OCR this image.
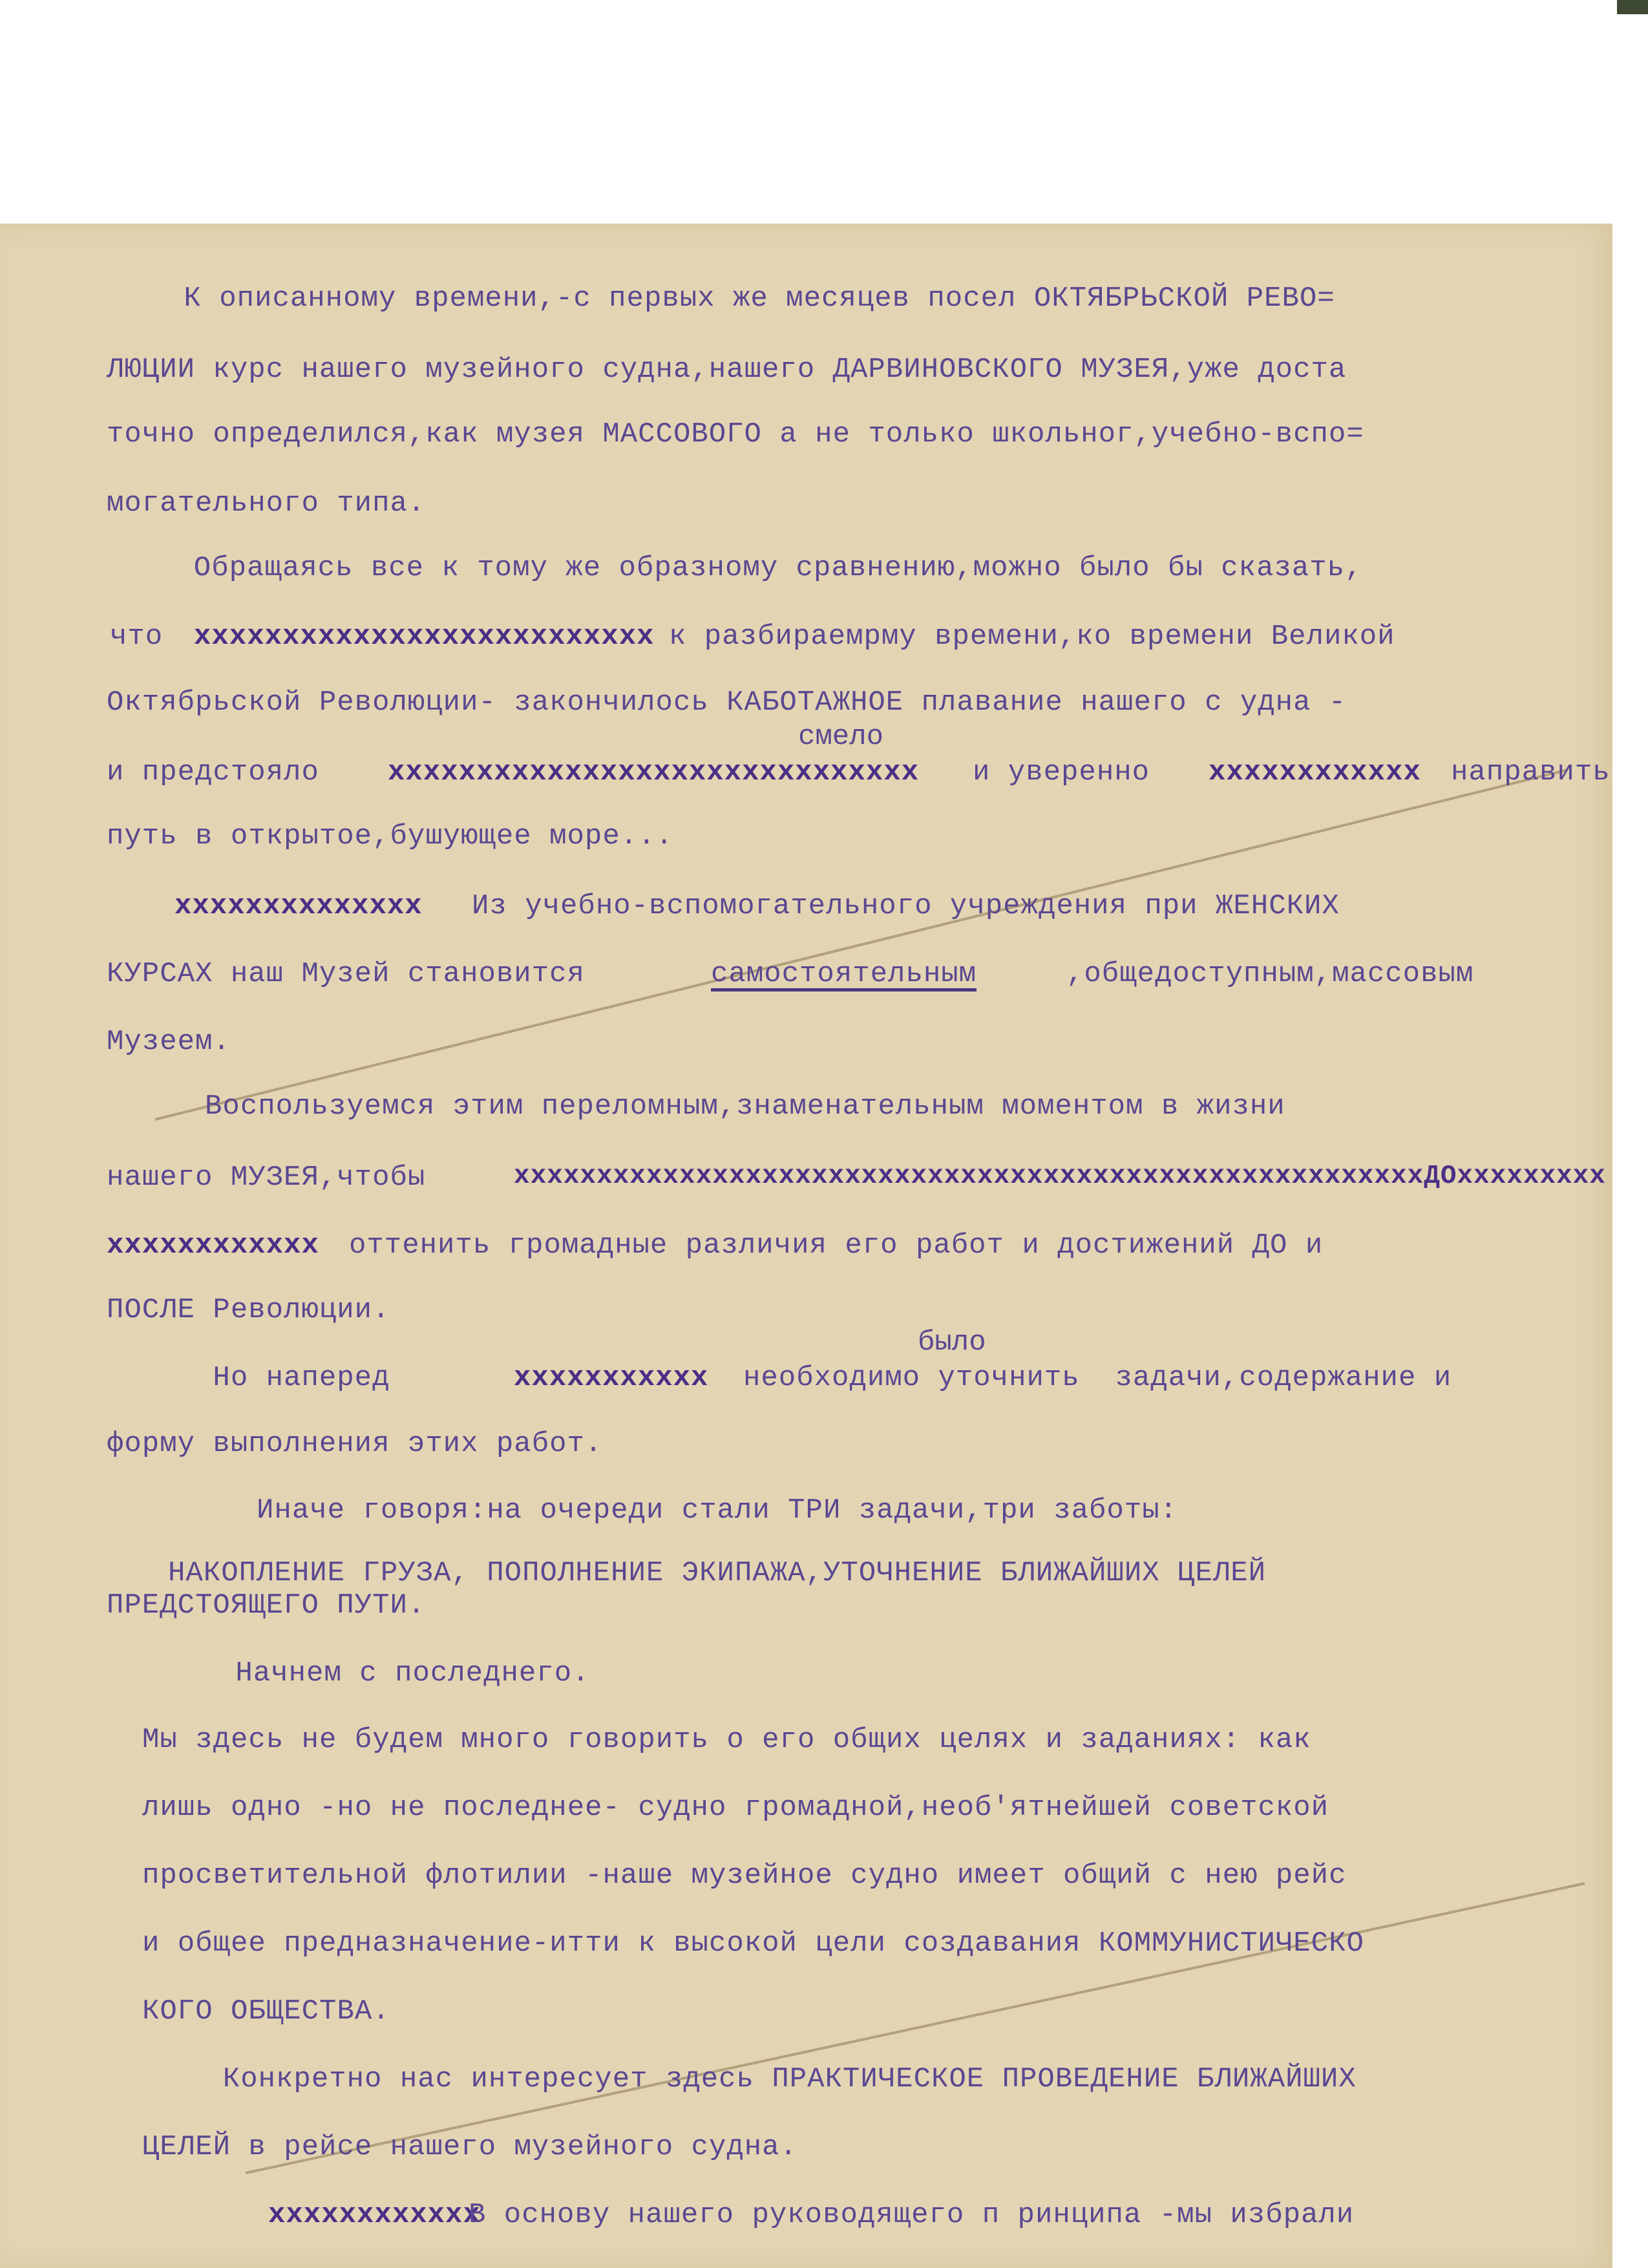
К описанному времени,-с первых же месяцев посел ОКТЯБРЬСКОЙ РЕВО=
ЛЮЦИИ курс нашего музейного судна,нашего ДАРВИНОВСКОГО МУЗЕЯ,уже доста
точно определился,как музея МАССОВОГО а не только школьног,учебно-вспо=
могательного типа.
Обращаясь все к тому же образному сравнению,можно было бы сказать,
что xxxxxxxxxxxxxxxxxxxxxxxxxx к разбираемрму времени,ко времени Великой
Октябрьской Революции- закончилось КАБОТАЖНОЕ плавание нашего с удна -
смело
и предстояло xxxxxxxxxxxxxxxxxxxxxxxxxxxxxx и уверенно xxxxxxxxxxxx направить
путь в открытое,бушующее море...
xxxxxxxxxxxxxx Из учебно-вспомогательного учреждения при ЖЕНСКИХ
КУРСАХ наш Музей становится	самостоятельным	,общедоступным,массовым
Музеем.
Воспользуемся этим переломным,знаменательным моментом в жизни
нашего МУЗЕЯ,чтобы	xxxxxxxxxxxxxxxxxxxxxxxxxxxxxxxxxxxxxxxxxxxxxxxxxxxxxxxДОxxxxxxxxx
xxxxxxxxxxxx оттенить громадные различия его работ и достижений ДО и
ПОСЛЕ Революции.
было
Но наперед	xxxxxxxxxxx необходимо уточнить  задачи,содержание и
форму выполнения этих работ.
Иначе говоря:на очереди стали ТРИ задачи,три заботы:
НАКОПЛЕНИЕ ГРУЗА, ПОПОЛНЕНИЕ ЭКИПАЖА,УТОЧНЕНИЕ БЛИЖАЙШИХ ЦЕЛЕЙ
ПРЕДСТОЯЩЕГО ПУТИ.
Начнем с последнего.
Мы здесь не будем много говорить о его общих целях и заданиях: как
лишь одно -но не последнее- судно громадной,необ'ятнейшей советской
просветительной флотилии -наше музейное судно имеет общий с нею рейс
и общее предназначение-итти к высокой цели создавания КОММУНИСТИЧЕСКО
КОГО ОБЩЕСТВА.
Конкретно нас интересует здесь ПРАКТИЧЕСКОЕ ПРОВЕДЕНИЕ БЛИЖАЙШИХ
ЦЕЛЕЙ в рейсе нашего музейного судна.
xxxxxxxxxxxx
В основу нашего руководящего п ринципа -мы избрали
